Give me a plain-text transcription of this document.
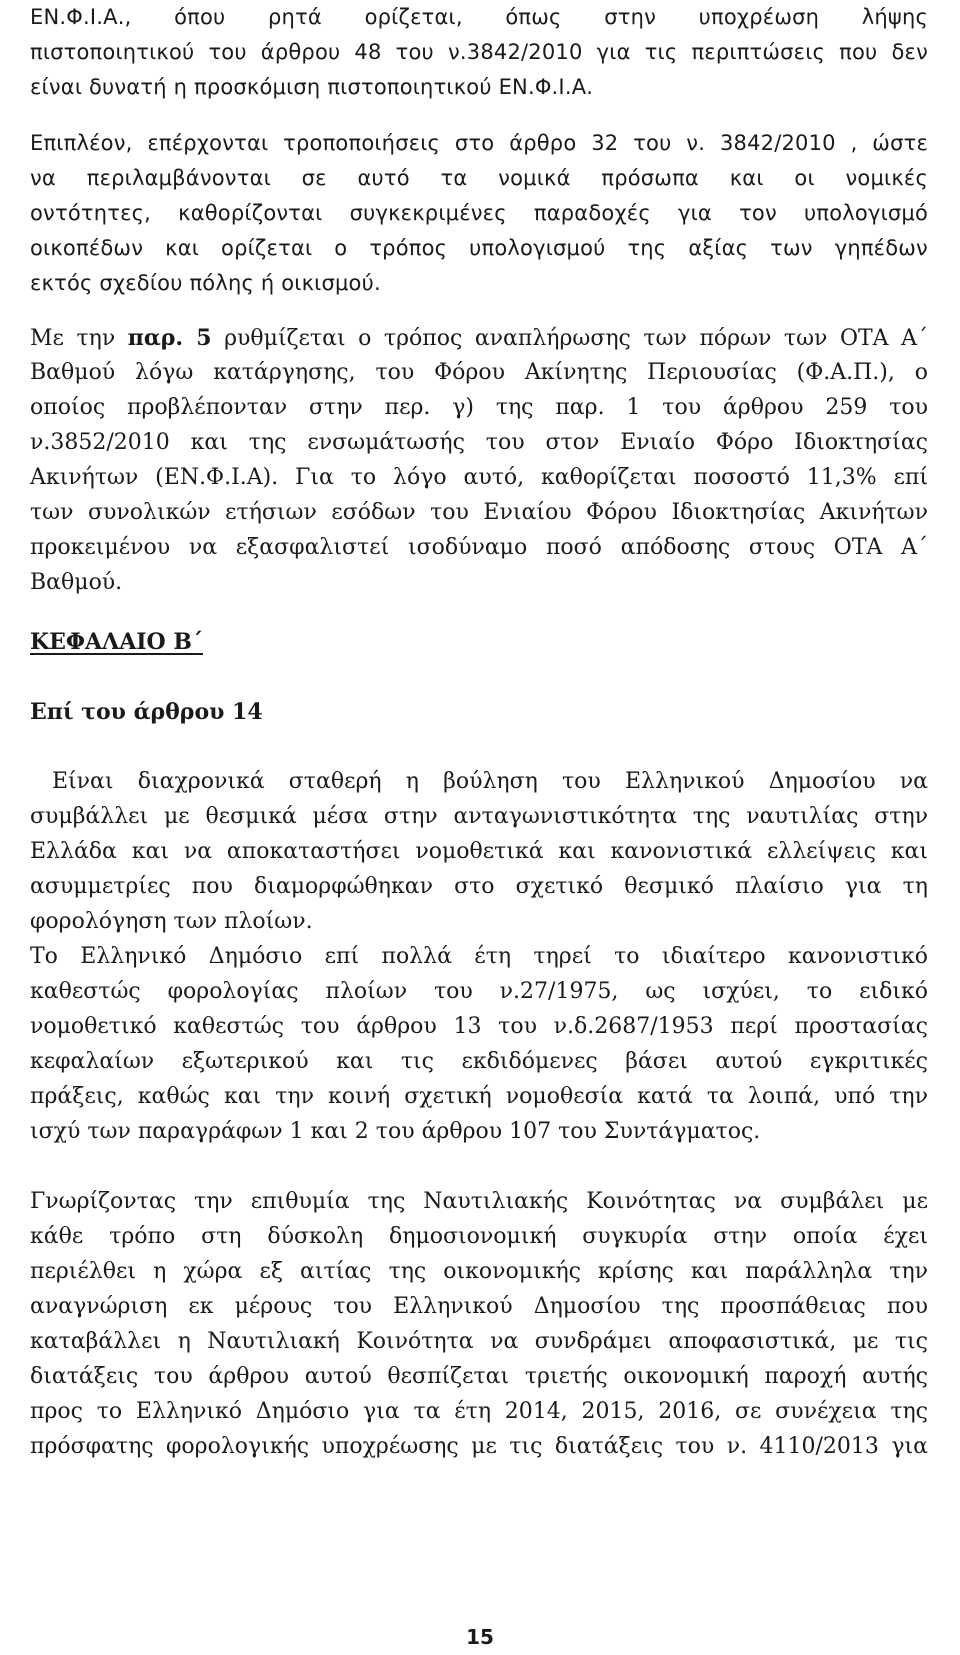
ΕΝ.Φ.Ι.Α., όπου ρητά ορίζεται, όπως στην υποχρέωση λήψης

πιστοποιητικού του άρθρου 48 του ν.3842/2010 για τις περιπτώσεις που δεν

είναι δυνατή η προσκόμιση πιστοποιητικού ΕΝ.Φ.Ι.Α.

Επιπλέον, επέρχονται τροποποιήσεις στο άρθρο 32 του ν. 3842/2010 , ώστε

να περιλαμβάνονται σε αυτό τα νομικά πρόσωπα και οι νομικές

οντότητες, καθορίζονται συγκεκριμένες παραδοχές για τον υπολογισμό

οικοπέδων και ορίζεται ο τρόπος υπολογισμού της αξίας των γηπέδων

εκτός σχεδίου πόλης ή οικισμού.

Με την παρ. 5 ρυθμίζεται ο τρόπος αναπλήρωσης των πόρων των ΟΤΑ Α΄

Βαθμού λόγω κατάργησης, του Φόρου Ακίνητης Περιουσίας (Φ.Α.Π.), ο

οποίος προβλέπονταν στην περ. γ) της παρ. 1 του άρθρου 259 του

ν.3852/2010 και της ενσωμάτωσής του στον Ενιαίο Φόρο Ιδιοκτησίας

Ακινήτων (ΕΝ.Φ.Ι.Α). Για το λόγο αυτό, καθορίζεται ποσοστό 11,3% επί

των συνολικών ετήσιων εσόδων του Ενιαίου Φόρου Ιδιοκτησίας Ακινήτων

προκειμένου να εξασφαλιστεί ισοδύναμο ποσό απόδοσης στους ΟΤΑ Α΄

Βαθμού.

ΚΕΦΑΛΑΙΟ Β΄

Επί του άρθρου 14

Είναι διαχρονικά σταθερή η βούληση του Ελληνικού Δημοσίου να

συμβάλλει με θεσμικά μέσα στην ανταγωνιστικότητα της ναυτιλίας στην

Ελλάδα και να αποκαταστήσει νομοθετικά και κανονιστικά ελλείψεις και

ασυμμετρίες που διαμορφώθηκαν στο σχετικό θεσμικό πλαίσιο για τη

φορολόγηση των πλοίων.

Το Ελληνικό Δημόσιο επί πολλά έτη τηρεί το ιδιαίτερο κανονιστικό

καθεστώς φορολογίας πλοίων του ν.27/1975, ως ισχύει, το ειδικό

νομοθετικό καθεστώς του άρθρου 13 του ν.δ.2687/1953 περί προστασίας

κεφαλαίων εξωτερικού και τις εκδιδόμενες βάσει αυτού εγκριτικές

πράξεις, καθώς και την κοινή σχετική νομοθεσία κατά τα λοιπά, υπό την

ισχύ των παραγράφων 1 και 2 του άρθρου 107 του Συντάγματος.

Γνωρίζοντας την επιθυμία της Ναυτιλιακής Κοινότητας να συμβάλει με

κάθε τρόπο στη δύσκολη δημοσιονομική συγκυρία στην οποία έχει

περιέλθει η χώρα εξ αιτίας της οικονομικής κρίσης και παράλληλα την

αναγνώριση εκ μέρους του Ελληνικού Δημοσίου της προσπάθειας που

καταβάλλει η Ναυτιλιακή Κοινότητα να συνδράμει αποφασιστικά, με τις

διατάξεις του άρθρου αυτού θεσπίζεται τριετής οικονομική παροχή αυτής

προς το Ελληνικό Δημόσιο για τα έτη 2014, 2015, 2016, σε συνέχεια της

πρόσφατης φορολογικής υποχρέωσης με τις διατάξεις του ν. 4110/2013 για

15
